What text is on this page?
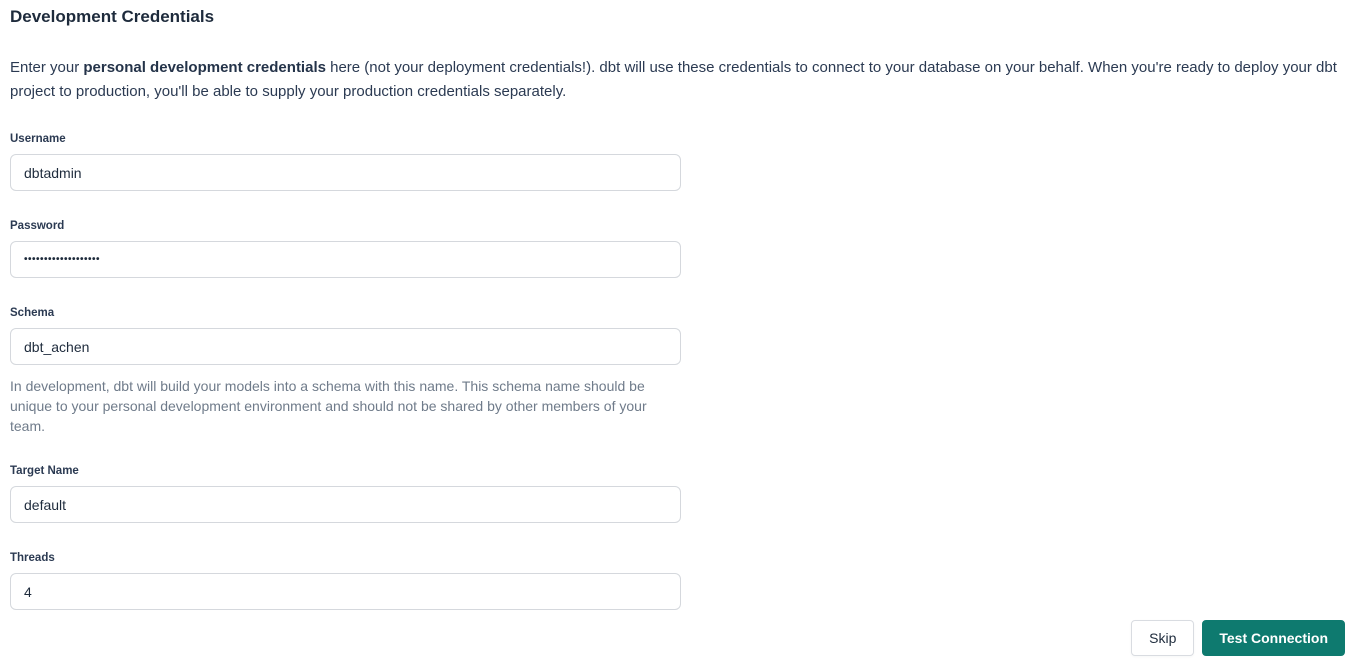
Development Credentials

Enter your personal development credentials here (not your deployment credentials!). dbt will use these credentials to connect to your database on your behalf. When you're ready to deploy your dbt project to production, you'll be able to supply your production credentials separately.

Username
dbtadmin
Password
•••••••••••••••••••
Schema
dbt_achen

In development, dbt will build your models into a schema with this name. This schema name should be unique to your personal development environment and should not be shared by other members of your team.

Target Name
default
Threads
4
Skip	Test Connection
